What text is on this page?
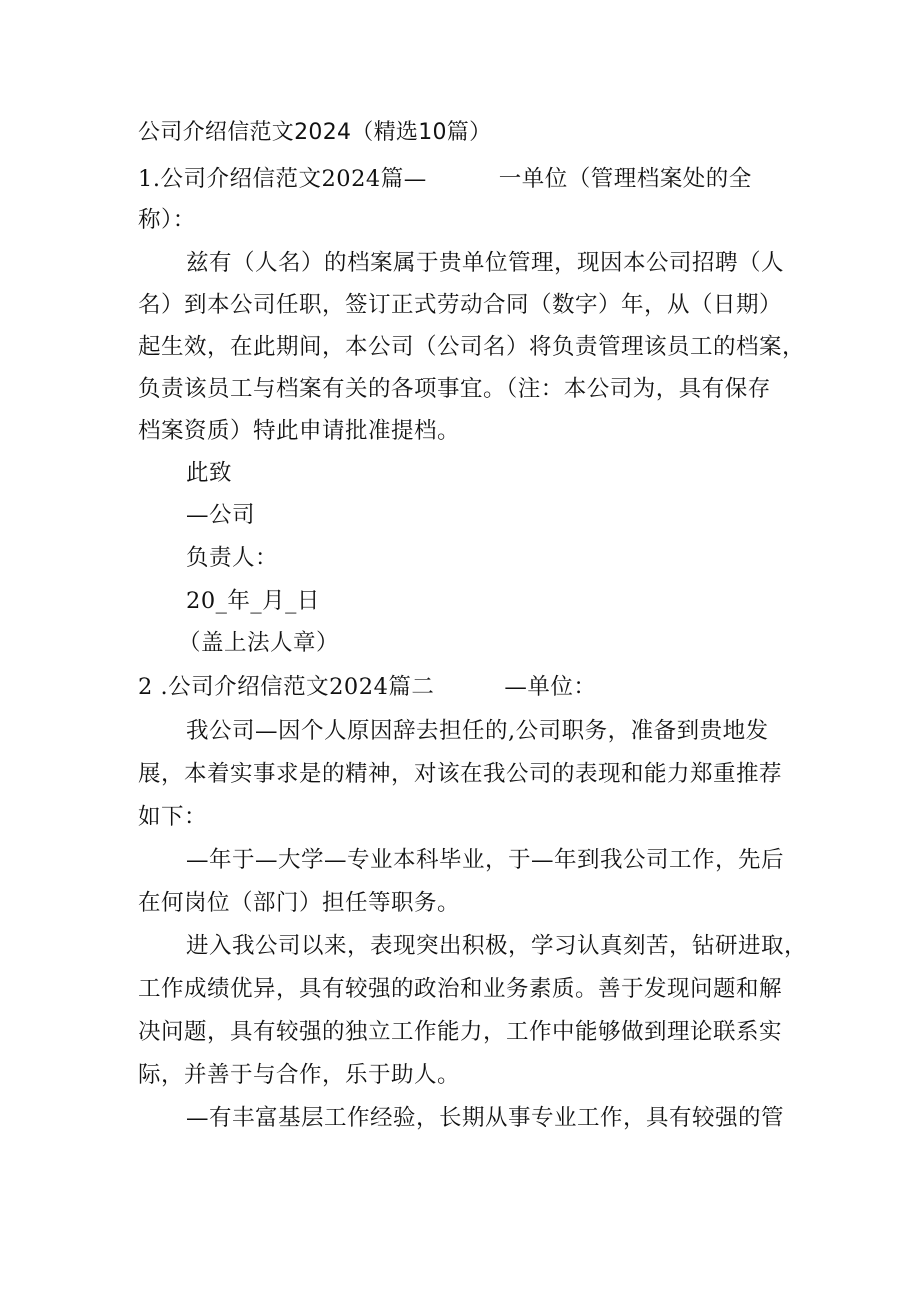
公司介绍信范文2024（精选10篇）
1.公司介绍信范文2024篇—	一单位（管理档案处的全
称）：
兹有（人名）的档案属于贵单位管理，现因本公司招聘（人
名）到本公司任职，签订正式劳动合同（数字）年，从（日期）
起生效，在此期间，本公司（公司名）将负责管理该员工的档案，
负责该员工与档案有关的各项事宜。（注：本公司为，具有保存
档案资质）特此申请批准提档。
此致
—公司
负责人：
20_年_月_日
（盖上法人章）
2 .公司介绍信范文2024篇二	—单位：
我公司—因个人原因辞去担任的,公司职务，准备到贵地发
展，本着实事求是的精神，对该在我公司的表现和能力郑重推荐
如下：
—年于—大学—专业本科毕业，于—年到我公司工作，先后
在何岗位（部门）担任等职务。
进入我公司以来，表现突出积极，学习认真刻苦，钻研进取，
工作成绩优异，具有较强的政治和业务素质。善于发现问题和解
决问题，具有较强的独立工作能力，工作中能够做到理论联系实
际，并善于与合作，乐于助人。
—有丰富基层工作经验，长期从事专业工作，具有较强的管
